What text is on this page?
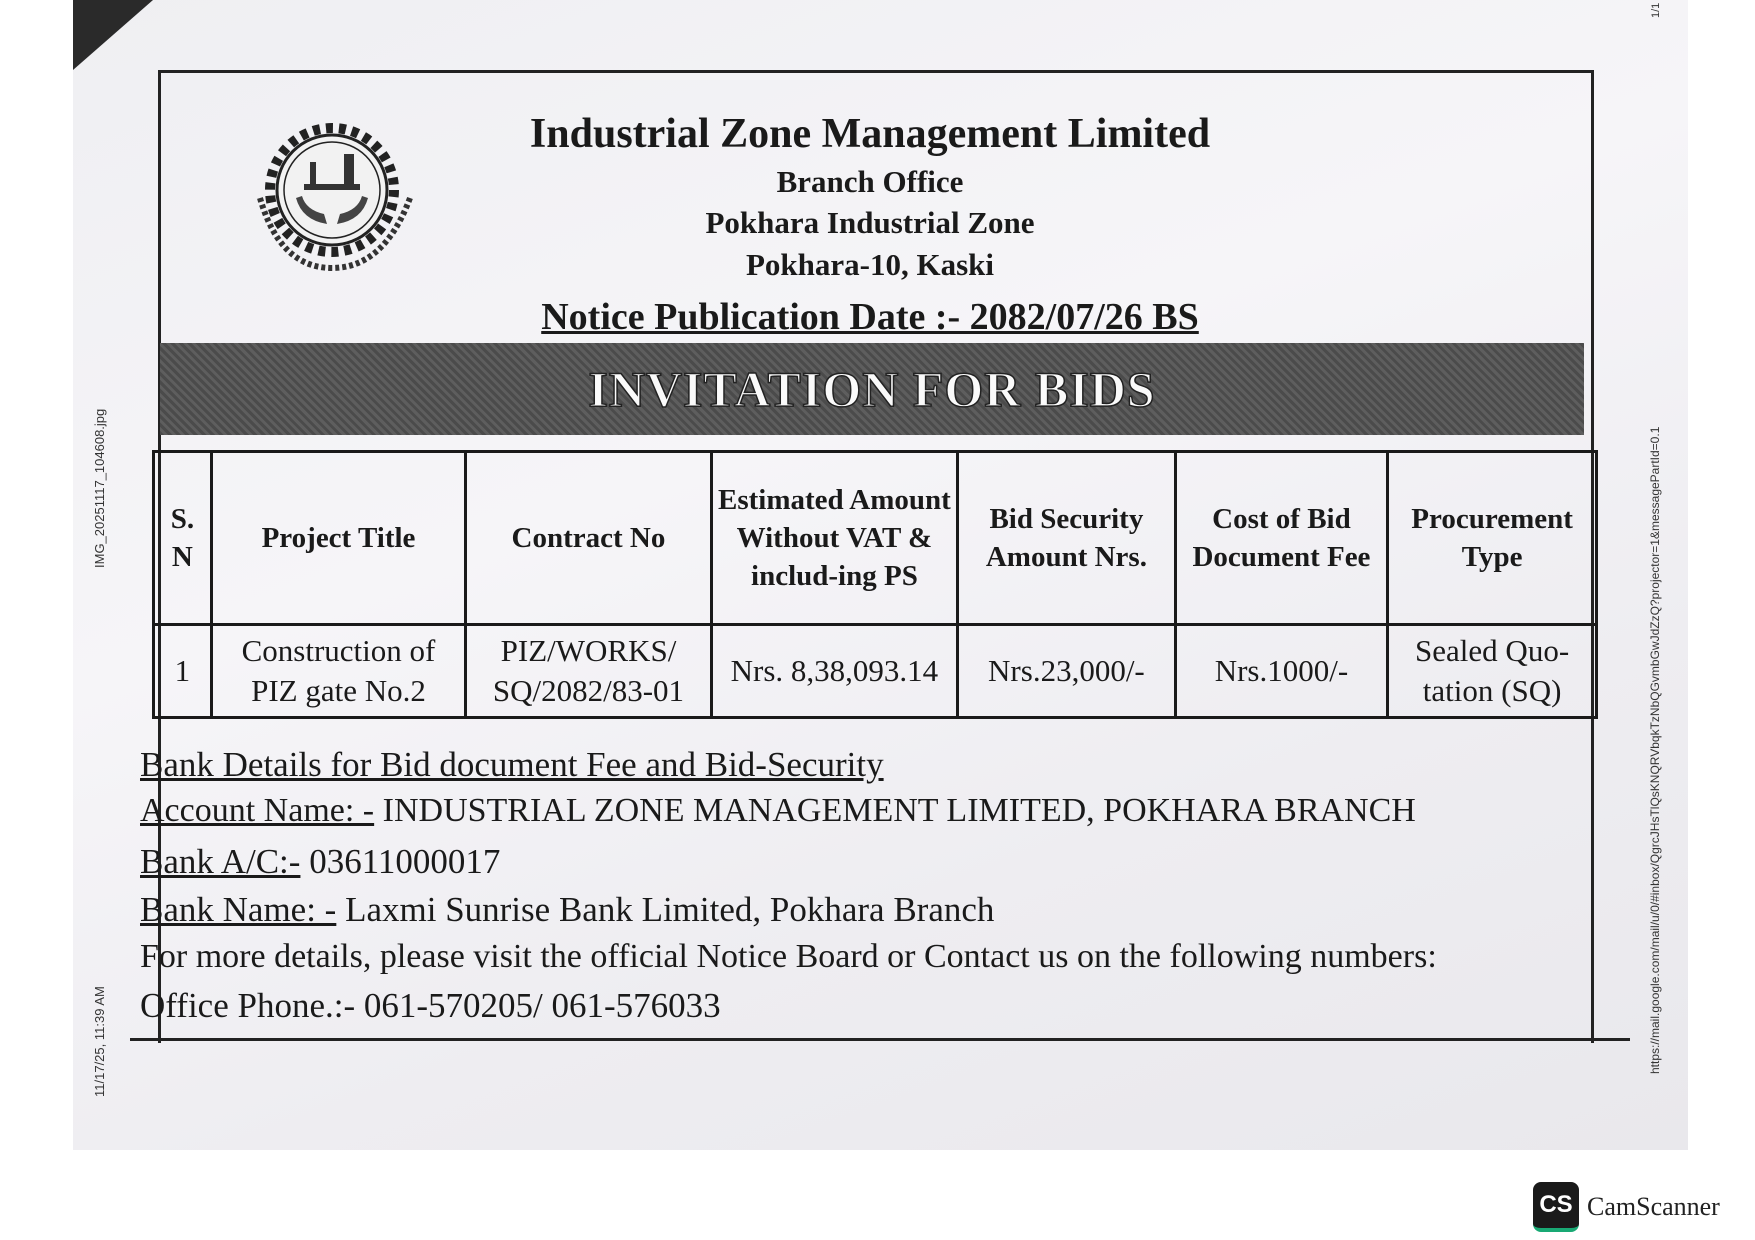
IMG_20251117_104608.jpg
11/17/25, 11:39 AM	https://mail.google.com/mail/u/0/#inbox/QgrcJHsTlQsKNQRVbqkTzNbQGvmbGwJdZzQ?projector=1&messagePartId=0.1
1/1
Industrial Zone Management Limited
Branch Office
Pokhara Industrial Zone
Pokhara-10, Kaski
Notice Publication Date :- 2082/07/26 BS
INVITATION FOR BIDS
S. N	Project Title	Contract No	Estimated Amount Without VAT & includ-ing PS	Bid Security Amount Nrs.	Cost of Bid Document Fee	Procurement Type
1	Construction of PIZ gate No.2	PIZ/WORKS/ SQ/2082/83-01	Nrs. 8,38,093.14	Nrs.23,000/-	Nrs.1000/-	Sealed Quo-tation (SQ)
Bank Details for Bid document Fee and Bid-Security
Account Name: - INDUSTRIAL ZONE MANAGEMENT LIMITED, POKHARA BRANCH
Bank A/C:- 03611000017
Bank Name: - Laxmi Sunrise Bank Limited, Pokhara Branch
For more details, please visit the official Notice Board or Contact us on the following numbers:
Office Phone.:- 061-570205/ 061-576033
CS CamScanner
